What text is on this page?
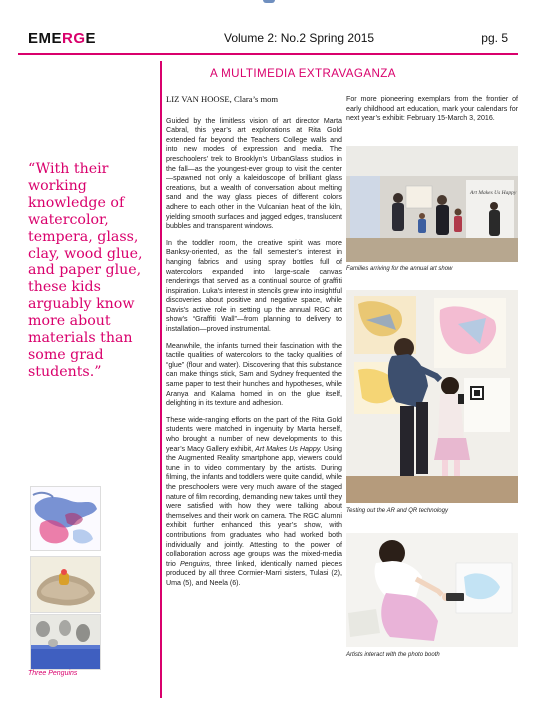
EMERGE	Volume 2: No.2 Spring 2015	pg. 5
“With their working knowledge of watercolor, tempera, glass, clay, wood glue, and paper glue, these kids arguably know more about materials than some grad students.”
Three Penguins
A MULTIMEDIA EXTRAVAGANZA

LIZ VAN HOOSE, Clara’s mom

Guided by the limitless vision of art director Marta Cabral, this year’s art explorations at Rita Gold extended far beyond the Teachers College walls and into new modes of expression and media. The preschoolers’ trek to Brooklyn’s UrbanGlass studios in the fall—as the youngest-ever group to visit the center—spawned not only a kaleidoscope of brilliant glass creations, but a wealth of conversation about melting sand and the way glass pieces of different colors adhere to each other in the Vulcanian heat of the kiln, yielding smooth surfaces and jagged edges, translucent bubbles and transparent windows.

In the toddler room, the creative spirit was more Banksy-oriented, as the fall semester’s interest in hanging fabrics and using spray bottles full of watercolors expanded into large-scale canvas renderings that served as a continual source of graffiti inspiration. Luka’s interest in stencils grew into insightful discoveries about positive and negative space, while Davis’s active role in setting up the annual RGC art show’s “Graffiti Wall”—from planning to delivery to installation—proved instrumental.

Meanwhile, the infants turned their fascination with the tactile qualities of watercolors to the tacky qualities of “glue” (flour and water). Discovering that this substance can make things stick, Sam and Sydney frequented the same paper to test their hunches and hypotheses, while Aranya and Kalama homed in on the glue itself, delighting in its texture and adhesion.

These wide-ranging efforts on the part of the Rita Gold students were matched in ingenuity by Marta herself, who brought a number of new developments to this year’s Macy Gallery exhibit, Art Makes Us Happy. Using the Augmented Reality smartphone app, viewers could tune in to video commentary by the artists. During filming, the infants and toddlers were quite candid, while the preschoolers were very much aware of the staged nature of film recording, demanding new takes until they were satisfied with how they were talking about themselves and their work on camera. The RGC alumni exhibit further enhanced this year’s show, with contributions from graduates who had worked both individually and jointly. Attesting to the power of collaboration across age groups was the mixed-media trio Penguins, three linked, identically named pieces produced by all three Cormier-Marri sisters, Tulasi (2), Uma (5), and Neela (6).

For more pioneering exemplars from the frontier of early childhood art education, mark your calendars for next year’s exhibit: February 15-March 3, 2016.

Art Makes Us Happy
Families arriving for the annual art show
Testing out the AR and QR technology
Artists interact with the photo booth
